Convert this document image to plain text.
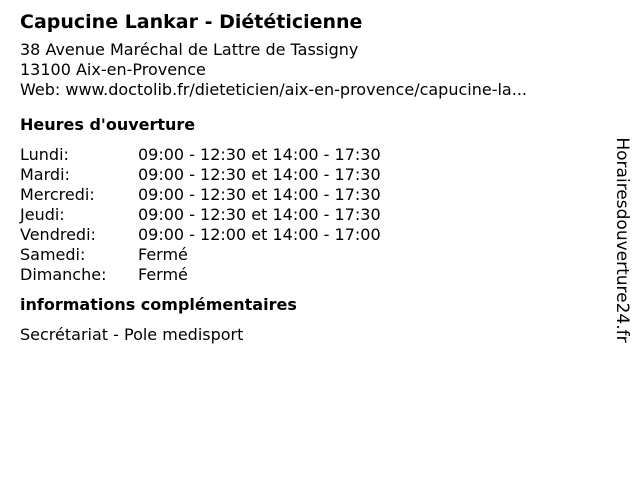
Capucine Lankar - Diététicienne
38 Avenue Maréchal de Lattre de Tassigny
13100 Aix-en-Provence
Web: www.doctolib.fr/dieteticien/aix-en-provence/capucine-la...
Heures d'ouverture
Lundi:	09:00 - 12:30 et 14:00 - 17:30
Mardi:	09:00 - 12:30 et 14:00 - 17:30
Mercredi:	09:00 - 12:30 et 14:00 - 17:30
Jeudi:	09:00 - 12:30 et 14:00 - 17:30
Vendredi:	09:00 - 12:00 et 14:00 - 17:00
Samedi:	Fermé
Dimanche:	Fermé
informations complémentaires
Secrétariat - Pole medisport	Horairesdouverture24.fr
